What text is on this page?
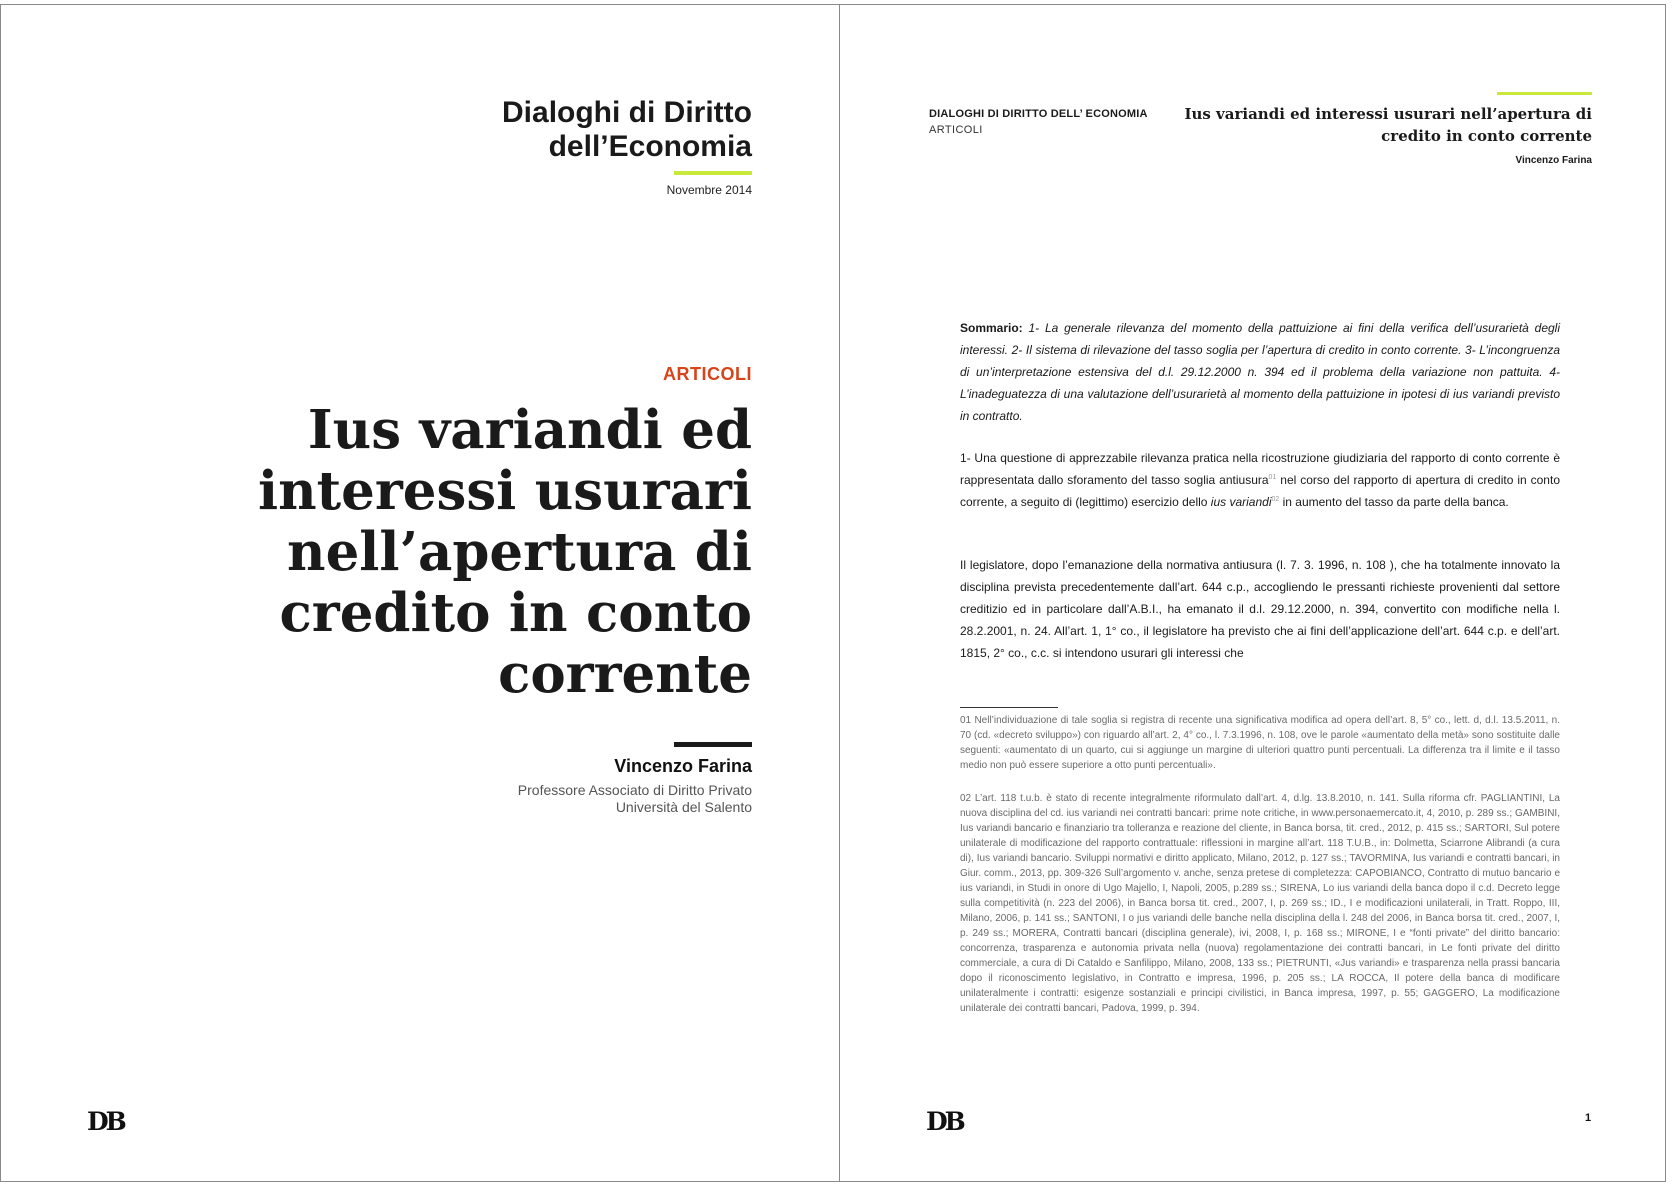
Dialoghi di Diritto
dell’Economia
Novembre 2014
ARTICOLI
Ius variandi ed interessi usurari nell’apertura di credito in conto corrente
Vincenzo Farina
Professore Associato di Diritto Privato
Università del Salento
DB
DIALOGHI DI DIRITTO DELL’ ECONOMIA
ARTICOLI
Ius variandi ed interessi usurari nell’apertura di credito in conto corrente
Vincenzo Farina
Sommario: 1- La generale rilevanza del momento della pattuizione ai fini della verifica dell’usurarietà degli interessi. 2- Il sistema di rilevazione del tasso soglia per l’apertura di credito in conto corrente. 3- L’incongruenza di un’interpretazione estensiva del d.l. 29.12.2000 n. 394 ed il problema della variazione non pattuita. 4- L’inadeguatezza di una valutazione dell’usurarietà al momento della pattuizione in ipotesi di ius variandi previsto in contratto.
1- Una questione di apprezzabile rilevanza pratica nella ricostruzione giudiziaria del rapporto di conto corrente è rappresentata dallo sforamento del tasso soglia antiusura$^{01}$ nel corso del rapporto di apertura di credito in conto corrente, a seguito di (legittimo) esercizio dello ius variandi$^{02}$ in aumento del tasso da parte della banca.
Il legislatore, dopo l’emanazione della normativa antiusura (l. 7. 3. 1996, n. 108 ), che ha totalmente innovato la disciplina prevista precedentemente dall’art. 644 c.p., accogliendo le pressanti richieste provenienti dal settore creditizio ed in particolare dall’A.B.I., ha emanato il d.l. 29.12.2000, n. 394, convertito con modifiche nella l. 28.2.2001, n. 24. All’art. 1, 1° co., il legislatore ha previsto che ai fini dell’applicazione dell’art. 644 c.p. e dell’art. 1815, 2° co., c.c. si intendono usurari gli interessi che
01 Nell’individuazione di tale soglia si registra di recente una significativa modifica ad opera dell’art. 8, 5° co., lett. d, d.l. 13.5.2011, n. 70 (cd. «decreto sviluppo») con riguardo all’art. 2, 4° co., l. 7.3.1996, n. 108, ove le parole «aumentato della metà» sono sostituite dalle seguenti: «aumentato di un quarto, cui si aggiunge un margine di ulteriori quattro punti percentuali. La differenza tra il limite e il tasso medio non può essere superiore a otto punti percentuali».
02 L’art. 118 t.u.b. è stato di recente integralmente riformulato dall’art. 4, d.lg. 13.8.2010, n. 141. Sulla riforma cfr. PAGLIANTINI, La nuova disciplina del cd. ius variandi nei contratti bancari: prime note critiche, in www.personaemercato.it, 4, 2010, p. 289 ss.; GAMBINI, Ius variandi bancario e finanziario tra tolleranza e reazione del cliente, in Banca borsa, tit. cred., 2012, p. 415 ss.; SARTORI, Sul potere unilaterale di modificazione del rapporto contrattuale: riflessioni in margine all’art. 118 T.U.B., in: Dolmetta, Sciarrone Alibrandi (a cura di), Ius variandi bancario. Sviluppi normativi e diritto applicato, Milano, 2012, p. 127 ss.; TAVORMINA, Ius variandi e contratti bancari, in Giur. comm., 2013, pp. 309-326 Sull’argomento v. anche, senza pretese di completezza: CAPOBIANCO, Contratto di mutuo bancario e ius variandi, in Studi in onore di Ugo Majello, I, Napoli, 2005, p.289 ss.; SIRENA, Lo ius variandi della banca dopo il c.d. Decreto legge sulla competitività (n. 223 del 2006), in Banca borsa tit. cred., 2007, I, p. 269 ss.; ID., I e modificazioni unilaterali, in Tratt. Roppo, III, Milano, 2006, p. 141 ss.; SANTONI, I o jus variandi delle banche nella disciplina della l. 248 del 2006, in Banca borsa tit. cred., 2007, I, p. 249 ss.; MORERA, Contratti bancari (disciplina generale), ivi, 2008, I, p. 168 ss.; MIRONE, I e “fonti private” del diritto bancario: concorrenza, trasparenza e autonomia privata nella (nuova) regolamentazione dei contratti bancari, in Le fonti private del diritto commerciale, a cura di Di Cataldo e Sanfilippo, Milano, 2008, 133 ss.; PIETRUNTI, «Jus variandi» e trasparenza nella prassi bancaria dopo il riconoscimento legislativo, in Contratto e impresa, 1996, p. 205 ss.; LA ROCCA, Il potere della banca di modificare unilateralmente i contratti: esigenze sostanziali e principi civilistici, in Banca impresa, 1997, p. 55; GAGGERO, La modificazione unilaterale dei contratti bancari, Padova, 1999, p. 394.
DB	1
